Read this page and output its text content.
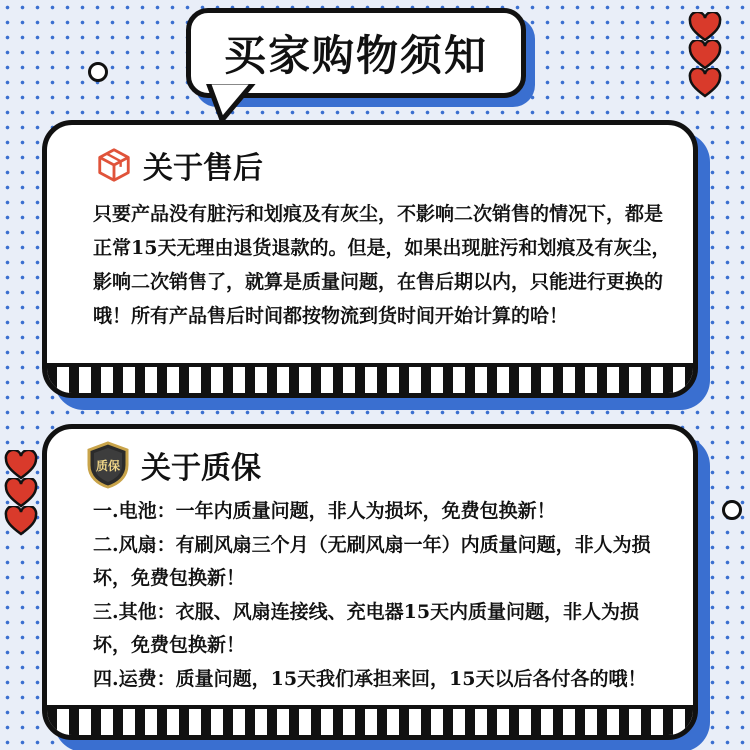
买家购物须知
关于售后
只要产品没有脏污和划痕及有灰尘，不影响二次销售的情况下，都是正常15天无理由退货退款的。但是，如果出现脏污和划痕及有灰尘，影响二次销售了，就算是质量问题，在售后期以内，只能进行更换的哦！所有产品售后时间都按物流到货时间开始计算的哈！
质保 关于质保

一.电池：一年内质量问题，非人为损坏，免费包换新！

二.风扇：有刷风扇三个月（无刷风扇一年）内质量问题，非人为损坏，免费包换新！

三.其他：衣服、风扇连接线、充电器15天内质量问题，非人为损坏，免费包换新！

四.运费：质量问题，15天我们承担来回，15天以后各付各的哦！
